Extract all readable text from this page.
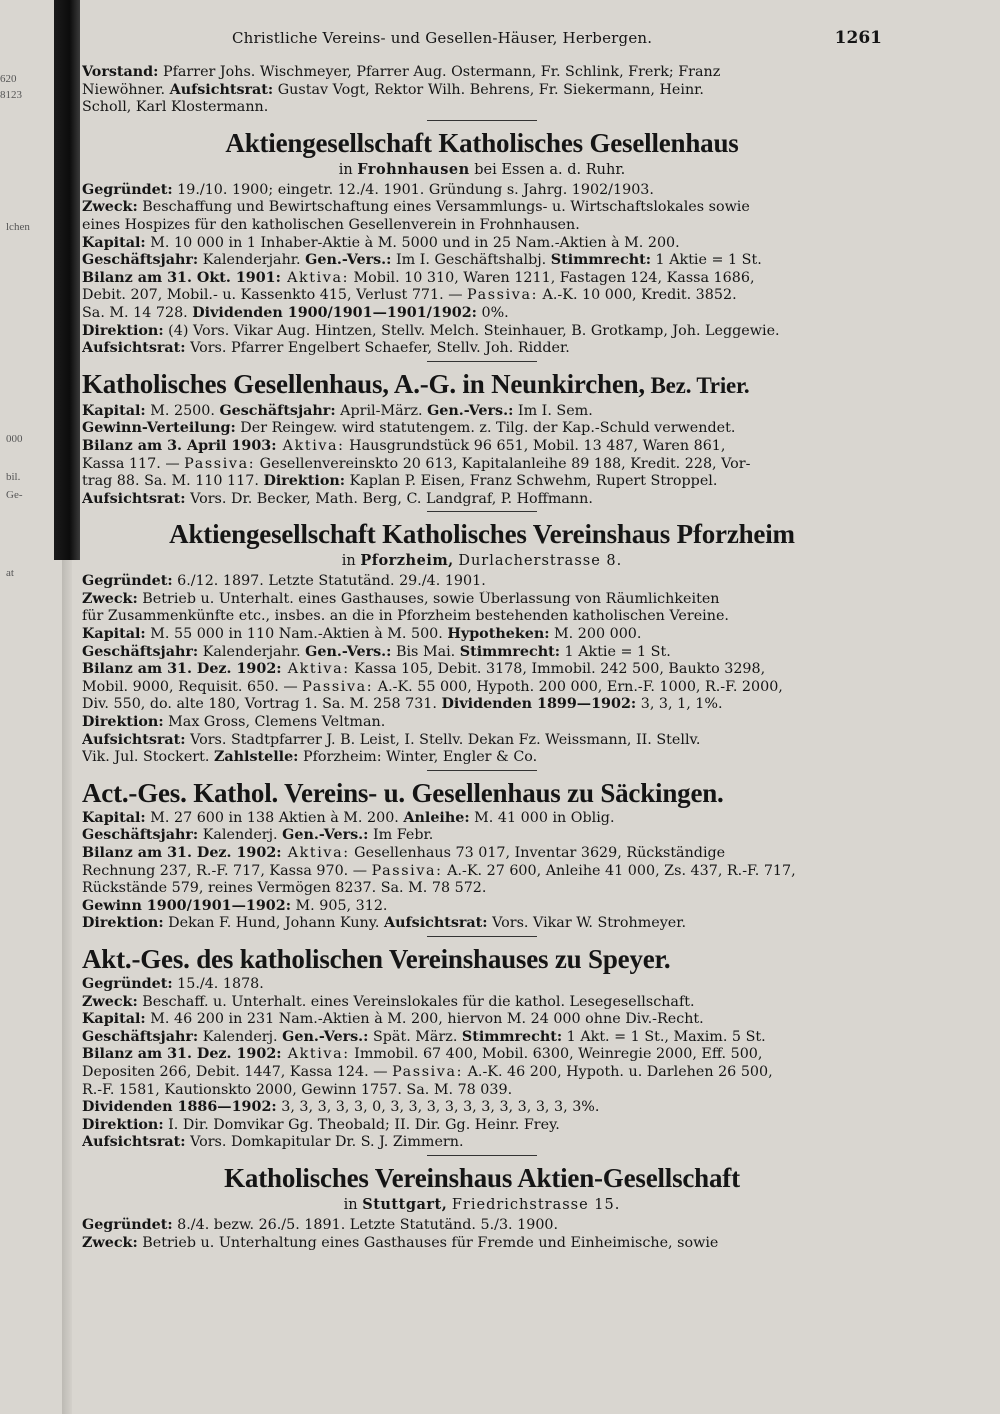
620
8123
lchen
000
bil.
Ge-
at
Christliche Vereins- und Gesellen-Häuser, Herbergen.	1261
Vorstand: Pfarrer Johs. Wischmeyer, Pfarrer Aug. Ostermann, Fr. Schlink, Frerk; Franz
Niewöhner. Aufsichtsrat: Gustav Vogt, Rektor Wilh. Behrens, Fr. Siekermann, Heinr.
Scholl, Karl Klostermann.
Aktiengesellschaft Katholisches Gesellenhaus
in Frohnhausen bei Essen a. d. Ruhr.
Gegründet: 19./10. 1900; eingetr. 12./4. 1901. Gründung s. Jahrg. 1902/1903.
Zweck: Beschaffung und Bewirtschaftung eines Versammlungs- u. Wirtschaftslokales sowie
eines Hospizes für den katholischen Gesellenverein in Frohnhausen.
Kapital: M. 10 000 in 1 Inhaber-Aktie à M. 5000 und in 25 Nam.-Aktien à M. 200.
Geschäftsjahr: Kalenderjahr. Gen.-Vers.: Im I. Geschäftshalbj. Stimmrecht: 1 Aktie = 1 St.
Bilanz am 31. Okt. 1901: Aktiva: Mobil. 10 310, Waren 1211, Fastagen 124, Kassa 1686,
Debit. 207, Mobil.- u. Kassenkto 415, Verlust 771. — Passiva: A.-K. 10 000, Kredit. 3852.
Sa. M. 14 728. Dividenden 1900/1901—1901/1902: 0%.
Direktion: (4) Vors. Vikar Aug. Hintzen, Stellv. Melch. Steinhauer, B. Grotkamp, Joh. Leggewie.
Aufsichtsrat: Vors. Pfarrer Engelbert Schaefer, Stellv. Joh. Ridder.
Katholisches Gesellenhaus, A.-G. in Neunkirchen, Bez. Trier.
Kapital: M. 2500. Geschäftsjahr: April-März. Gen.-Vers.: Im I. Sem.
Gewinn-Verteilung: Der Reingew. wird statutengem. z. Tilg. der Kap.-Schuld verwendet.
Bilanz am 3. April 1903: Aktiva: Hausgrundstück 96 651, Mobil. 13 487, Waren 861,
Kassa 117. — Passiva: Gesellenvereinskto 20 613, Kapitalanleihe 89 188, Kredit. 228, Vor-
trag 88. Sa. M. 110 117. Direktion: Kaplan P. Eisen, Franz Schwehm, Rupert Stroppel.
Aufsichtsrat: Vors. Dr. Becker, Math. Berg, C. Landgraf, P. Hoffmann.
Aktiengesellschaft Katholisches Vereinshaus Pforzheim
in Pforzheim, Durlacherstrasse 8.
Gegründet: 6./12. 1897. Letzte Statutänd. 29./4. 1901.
Zweck: Betrieb u. Unterhalt. eines Gasthauses, sowie Überlassung von Räumlichkeiten
für Zusammenkünfte etc., insbes. an die in Pforzheim bestehenden katholischen Vereine.
Kapital: M. 55 000 in 110 Nam.-Aktien à M. 500. Hypotheken: M. 200 000.
Geschäftsjahr: Kalenderjahr. Gen.-Vers.: Bis Mai. Stimmrecht: 1 Aktie = 1 St.
Bilanz am 31. Dez. 1902: Aktiva: Kassa 105, Debit. 3178, Immobil. 242 500, Baukto 3298,
Mobil. 9000, Requisit. 650. — Passiva: A.-K. 55 000, Hypoth. 200 000, Ern.-F. 1000, R.-F. 2000,
Div. 550, do. alte 180, Vortrag 1. Sa. M. 258 731. Dividenden 1899—1902: 3, 3, 1, 1%.
Direktion: Max Gross, Clemens Veltman.
Aufsichtsrat: Vors. Stadtpfarrer J. B. Leist, I. Stellv. Dekan Fz. Weissmann, II. Stellv.
Vik. Jul. Stockert. Zahlstelle: Pforzheim: Winter, Engler & Co.
Act.-Ges. Kathol. Vereins- u. Gesellenhaus zu Säckingen.
Kapital: M. 27 600 in 138 Aktien à M. 200. Anleihe: M. 41 000 in Oblig.
Geschäftsjahr: Kalenderj. Gen.-Vers.: Im Febr.
Bilanz am 31. Dez. 1902: Aktiva: Gesellenhaus 73 017, Inventar 3629, Rückständige
Rechnung 237, R.-F. 717, Kassa 970. — Passiva: A.-K. 27 600, Anleihe 41 000, Zs. 437, R.-F. 717,
Rückstände 579, reines Vermögen 8237. Sa. M. 78 572.
Gewinn 1900/1901—1902: M. 905, 312.
Direktion: Dekan F. Hund, Johann Kuny. Aufsichtsrat: Vors. Vikar W. Strohmeyer.
Akt.-Ges. des katholischen Vereinshauses zu Speyer.
Gegründet: 15./4. 1878.
Zweck: Beschaff. u. Unterhalt. eines Vereinslokales für die kathol. Lesegesellschaft.
Kapital: M. 46 200 in 231 Nam.-Aktien à M. 200, hiervon M. 24 000 ohne Div.-Recht.
Geschäftsjahr: Kalenderj. Gen.-Vers.: Spät. März. Stimmrecht: 1 Akt. = 1 St., Maxim. 5 St.
Bilanz am 31. Dez. 1902: Aktiva: Immobil. 67 400, Mobil. 6300, Weinregie 2000, Eff. 500,
Depositen 266, Debit. 1447, Kassa 124. — Passiva: A.-K. 46 200, Hypoth. u. Darlehen 26 500,
R.-F. 1581, Kautionskto 2000, Gewinn 1757. Sa. M. 78 039.
Dividenden 1886—1902: 3, 3, 3, 3, 3, 0, 3, 3, 3, 3, 3, 3, 3, 3, 3, 3, 3%.
Direktion: I. Dir. Domvikar Gg. Theobald; II. Dir. Gg. Heinr. Frey.
Aufsichtsrat: Vors. Domkapitular Dr. S. J. Zimmern.
Katholisches Vereinshaus Aktien-Gesellschaft
in Stuttgart, Friedrichstrasse 15.
Gegründet: 8./4. bezw. 26./5. 1891. Letzte Statutänd. 5./3. 1900.
Zweck: Betrieb u. Unterhaltung eines Gasthauses für Fremde und Einheimische, sowie
